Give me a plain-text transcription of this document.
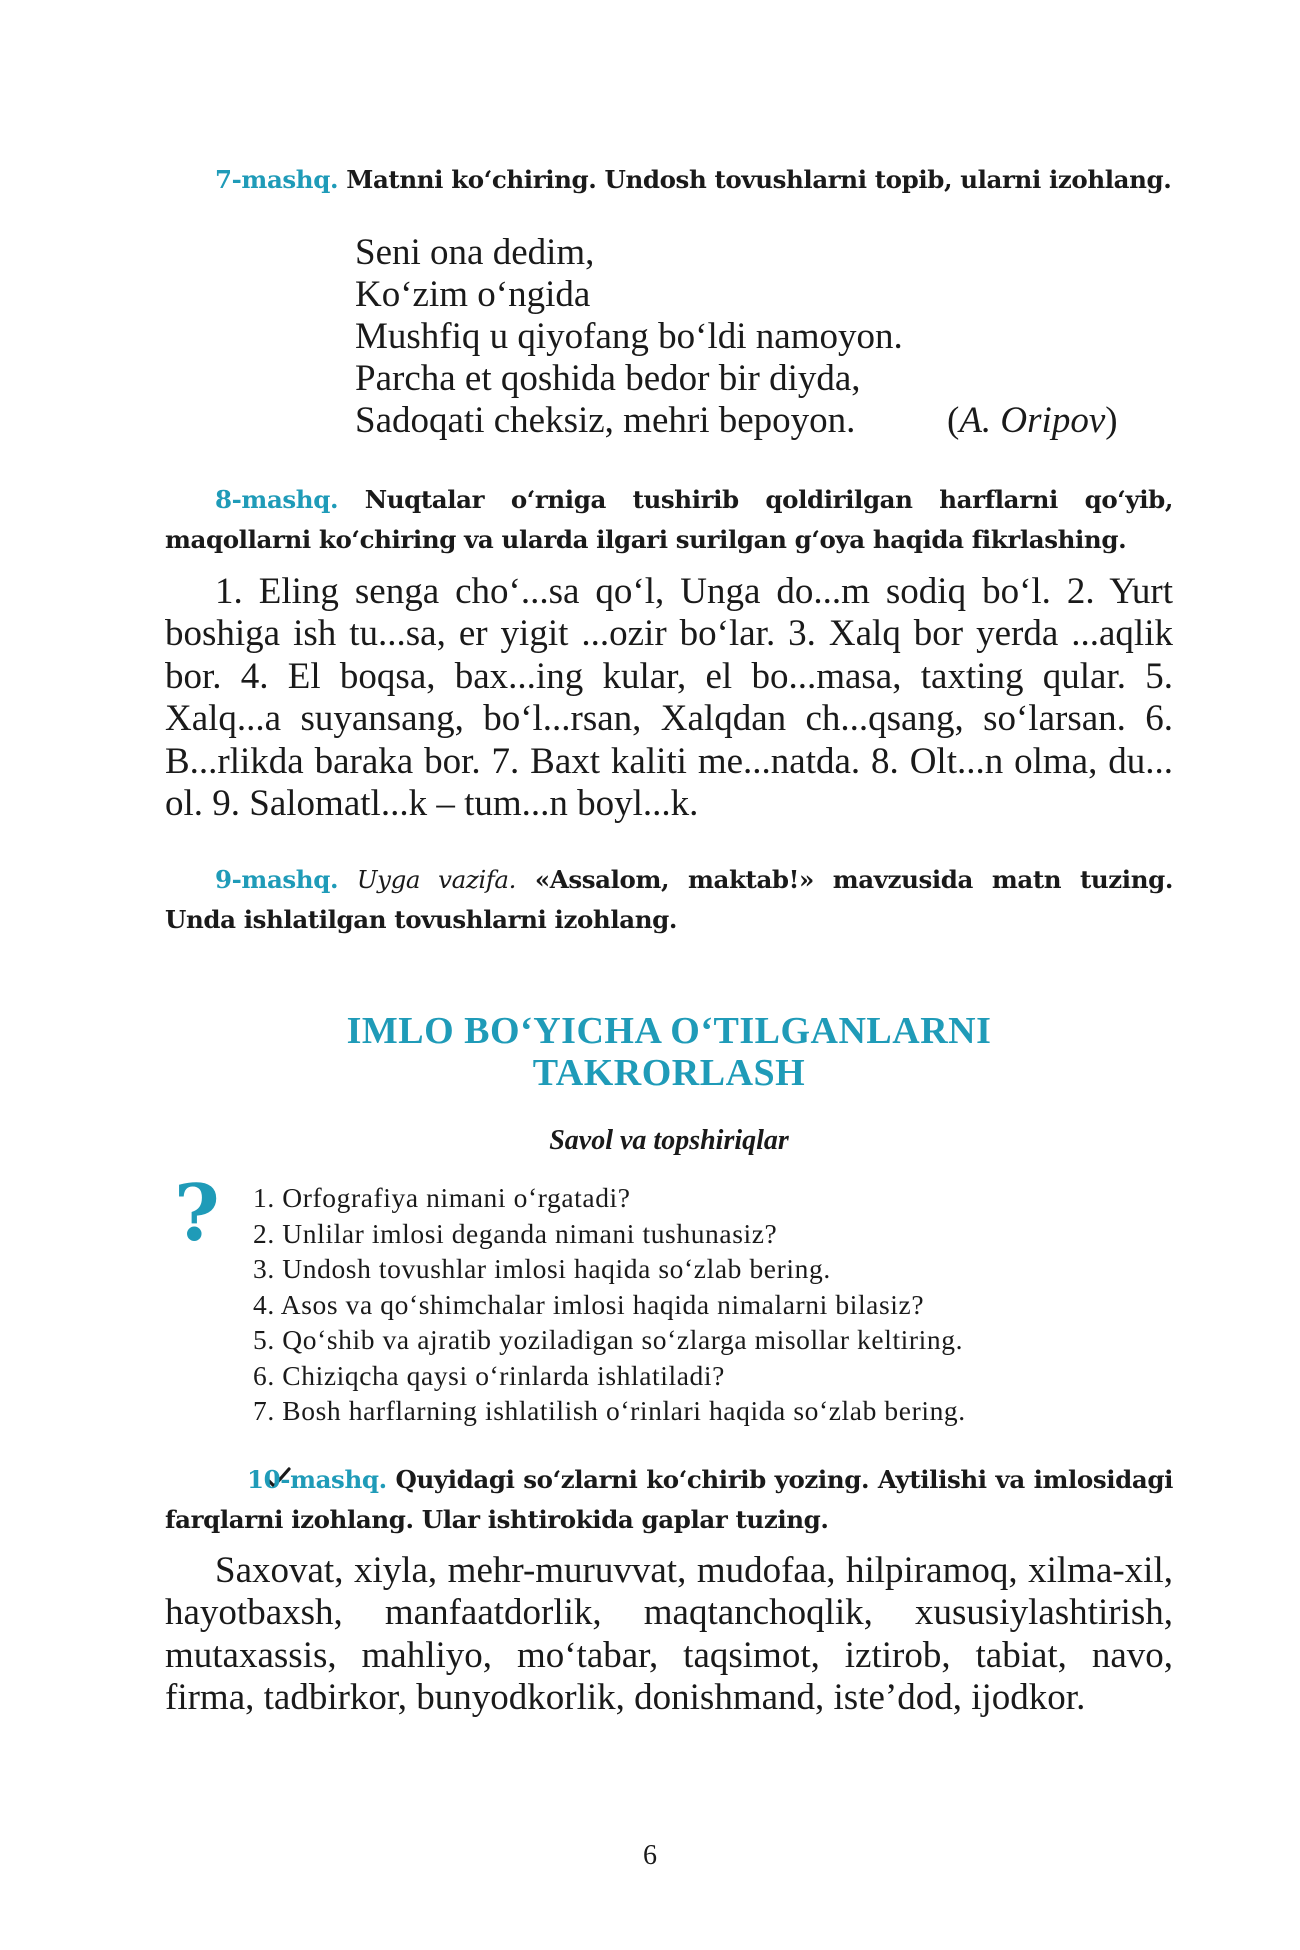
7-mashq. Matnni ko‘chiring. Undosh tovushlarni topib, ularni izohlang.
Seni ona dedim,
Ko‘zim o‘ngida
Mushfiq u qiyofang bo‘ldi namoyon.
Parcha et qoshida bedor bir diyda,
Sadoqati cheksiz, mehri bepoyon.	(A. Oripov)
8-mashq. Nuqtalar o‘rniga tushirib qoldirilgan harflarni qo‘yib, maqollarni ko‘chiring va ularda ilgari surilgan g‘oya haqida fikrlashing.
1. Eling senga cho‘...sa qo‘l, Unga do...m sodiq bo‘l. 2. Yurt boshiga ish tu...sa, er yigit ...ozir bo‘lar. 3. Xalq bor yerda ...aqlik bor. 4. El boqsa, bax...ing kular, el bo...masa, taxting qular. 5. Xalq...a suyansang, bo‘l...rsan, Xalqdan ch...qsang, so‘larsan. 6. B...rlikda baraka bor. 7. Baxt kaliti me...natda. 8. Olt...n olma, du... ol. 9. Salomatl...k – tum...n boyl...k.
9-mashq. Uyga vazifa. «Assalom, maktab!» mavzusida matn tuzing. Unda ishlatilgan tovushlarni izohlang.
IMLO BO‘YICHA O‘TILGANLARNI
TAKRORLASH
Savol va topshiriqlar
? 1. Orfografiya nimani o‘rgatadi?
2. Unlilar imlosi deganda nimani tushunasiz?
3. Undosh tovushlar imlosi haqida so‘zlab bering.
4. Asos va qo‘shimchalar imlosi haqida nimalarni bilasiz?
5. Qo‘shib va ajratib yoziladigan so‘zlarga misollar keltiring.
6. Chiziqcha qaysi o‘rinlarda ishlatiladi?
7. Bosh harflarning ishlatilish o‘rinlari haqida so‘zlab bering.
10-mashq. Quyidagi so‘zlarni ko‘chirib yozing. Aytilishi va imlosidagi farqlarni izohlang. Ular ishtirokida gaplar tuzing.
Saxovat, xiyla, mehr-muruvvat, mudofaa, hilpiramoq, xilma-xil, hayotbaxsh, manfaatdorlik, maqtanchoqlik, xususiylashtirish, mutaxassis, mahliyo, mo‘tabar, taqsimot, iztirob, tabiat, navo, firma, tadbirkor, bunyodkorlik, donishmand, iste’dod, ijodkor.
6
